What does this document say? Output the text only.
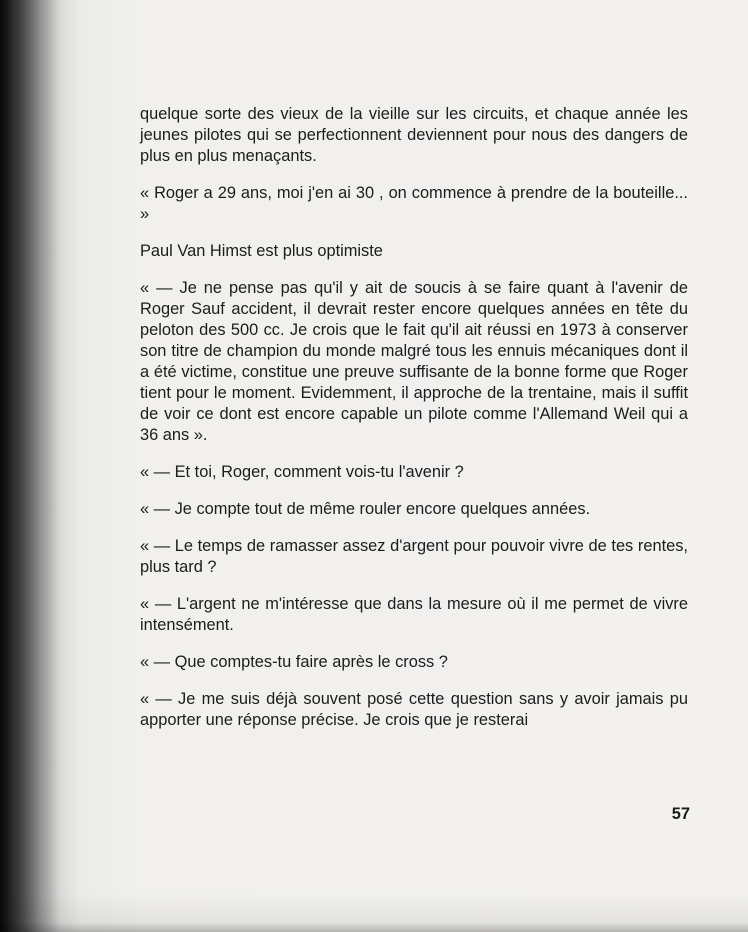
quelque sorte des vieux de la vieille sur les circuits, et chaque année les jeunes pilotes qui se perfectionnent deviennent pour nous des dangers de plus en plus menaçants.

« Roger a 29 ans, moi j'en ai 30 , on commence à prendre de la bouteille... »

Paul Van Himst est plus optimiste

« — Je ne pense pas qu'il y ait de soucis à se faire quant à l'avenir de Roger Sauf accident, il devrait rester encore quelques années en tête du peloton des 500 cc. Je crois que le fait qu'il ait réussi en 1973 à conserver son titre de champion du monde malgré tous les ennuis mécaniques dont il a été victime, constitue une preuve suffisante de la bonne forme que Roger tient pour le moment. Evidemment, il approche de la trentaine, mais il suffit de voir ce dont est encore capable un pilote comme l'Allemand Weil qui a 36 ans ».

« — Et toi, Roger, comment vois-tu l'avenir ?

« — Je compte tout de même rouler encore quelques années.

« — Le temps de ramasser assez d'argent pour pouvoir vivre de tes rentes, plus tard ?

« — L'argent ne m'intéresse que dans la mesure où il me permet de vivre intensément.

« — Que comptes-tu faire après le cross ?

« — Je me suis déjà souvent posé cette question sans y avoir jamais pu apporter une réponse précise. Je crois que je resterai

57
